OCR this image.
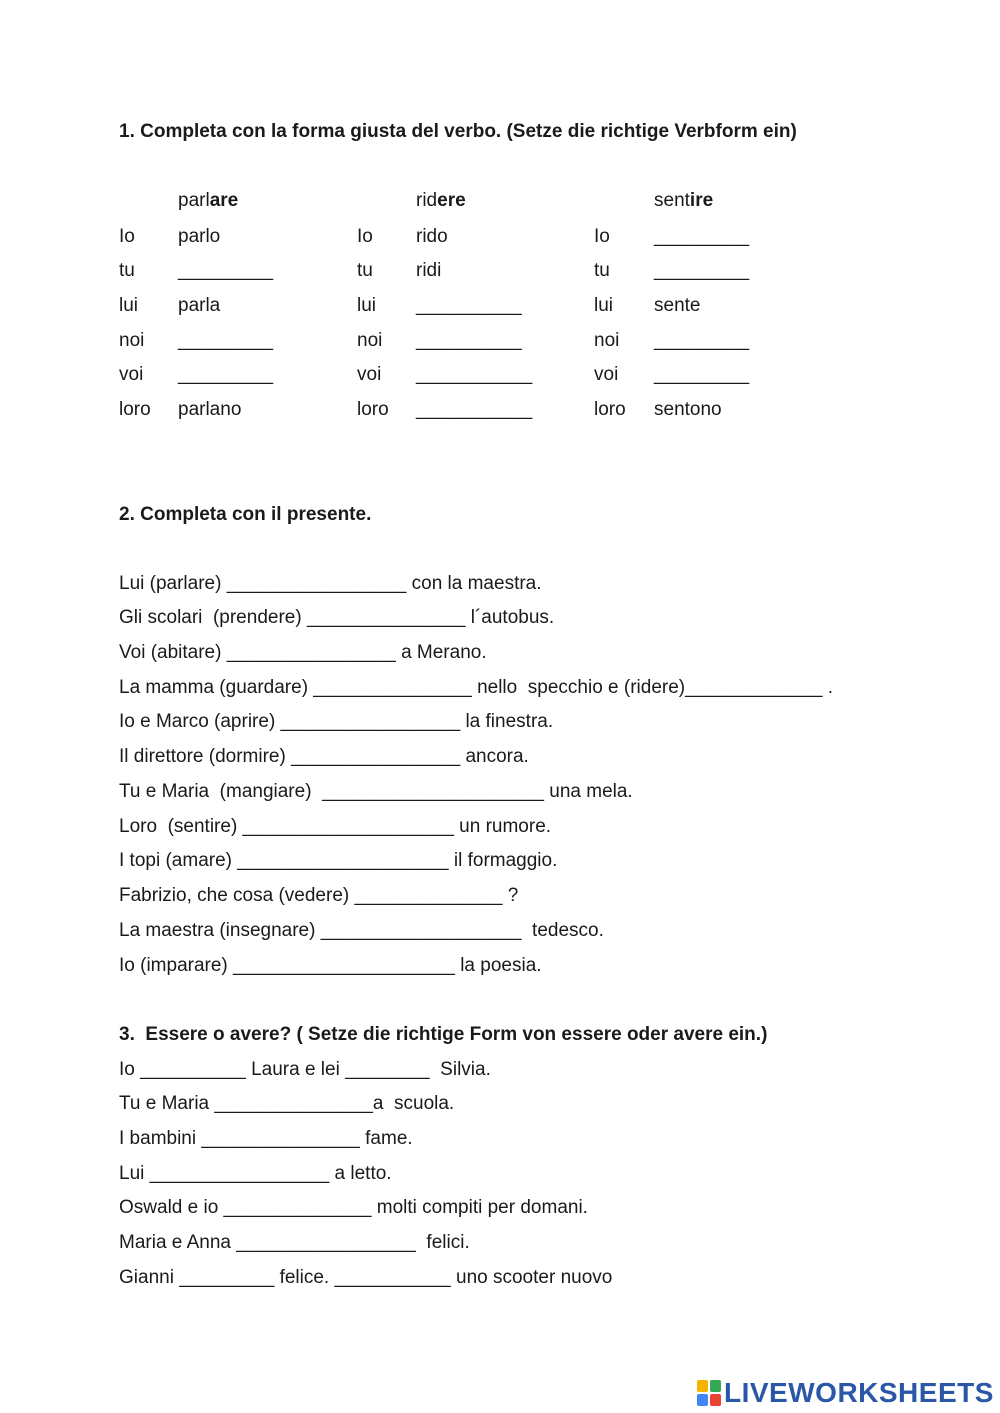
1. Completa con la forma giusta del verbo. (Setze die richtige Verbform ein)
parlare	ridere	sentire
Io parlo
tu _________
lui parla
noi _________
voi _________
loro parlano
Io rido
tu ridi
lui __________
noi __________
voi ___________
loro ___________
Io _________
tu _________
lui sente
noi _________
voi _________
loro sentono
2. Completa con il presente.
Lui (parlare) _________________ con la maestra.
Gli scolari  (prendere) _______________ l´autobus.
Voi (abitare) ________________ a Merano.
La mamma (guardare) _______________ nello  specchio e (ridere)_____________ .
Io e Marco (aprire) _________________ la finestra.
Il direttore (dormire) ________________ ancora.
Tu e Maria  (mangiare)  _____________________ una mela.
Loro  (sentire) ____________________ un rumore.
I topi (amare) ____________________ il formaggio.
Fabrizio, che cosa (vedere) ______________ ?
La maestra (insegnare) ___________________  tedesco.
Io (imparare) _____________________ la poesia.
3.  Essere o avere? ( Setze die richtige Form von essere oder avere ein.)
Io __________ Laura e lei ________  Silvia.
Tu e Maria _______________a  scuola.
I bambini _______________ fame.
Lui _________________ a letto.
Oswald e io ______________ molti compiti per domani.
Maria e Anna _________________  felici.
Gianni _________ felice. ___________ uno scooter nuovo
LIVEWORKSHEETS
